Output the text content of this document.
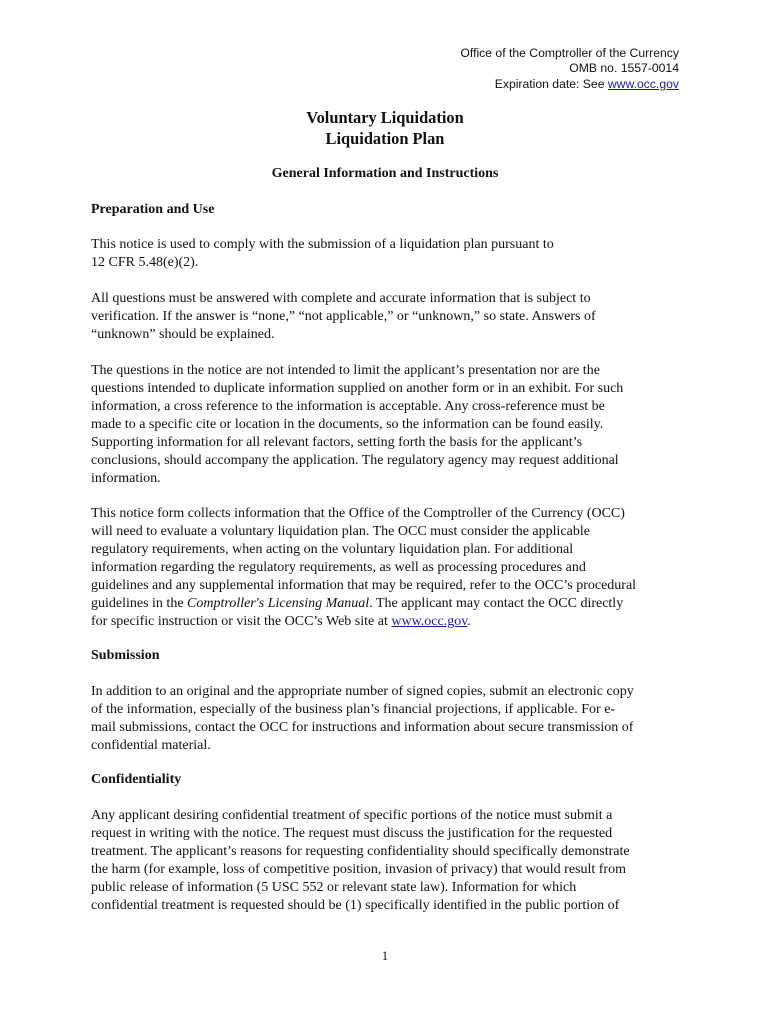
Office of the Comptroller of the Currency
OMB no. 1557-0014
Expiration date: See www.occ.gov
Voluntary Liquidation
Liquidation Plan
General Information and Instructions
Preparation and Use
This notice is used to comply with the submission of a liquidation plan pursuant to
12 CFR 5.48(e)(2).
All questions must be answered with complete and accurate information that is subject to
verification. If the answer is “none,” “not applicable,” or “unknown,” so state. Answers of
“unknown” should be explained.
The questions in the notice are not intended to limit the applicant’s presentation nor are the
questions intended to duplicate information supplied on another form or in an exhibit. For such
information, a cross reference to the information is acceptable. Any cross-reference must be
made to a specific cite or location in the documents, so the information can be found easily.
Supporting information for all relevant factors, setting forth the basis for the applicant’s
conclusions, should accompany the application. The regulatory agency may request additional
information.
This notice form collects information that the Office of the Comptroller of the Currency (OCC)
will need to evaluate a voluntary liquidation plan. The OCC must consider the applicable
regulatory requirements, when acting on the voluntary liquidation plan. For additional
information regarding the regulatory requirements, as well as processing procedures and
guidelines and any supplemental information that may be required, refer to the OCC’s procedural
guidelines in the Comptroller's Licensing Manual. The applicant may contact the OCC directly
for specific instruction or visit the OCC’s Web site at www.occ.gov.
Submission
In addition to an original and the appropriate number of signed copies, submit an electronic copy
of the information, especially of the business plan’s financial projections, if applicable. For e-
mail submissions, contact the OCC for instructions and information about secure transmission of
confidential material.
Confidentiality
Any applicant desiring confidential treatment of specific portions of the notice must submit a
request in writing with the notice. The request must discuss the justification for the requested
treatment. The applicant’s reasons for requesting confidentiality should specifically demonstrate
the harm (for example, loss of competitive position, invasion of privacy) that would result from
public release of information (5 USC 552 or relevant state law). Information for which
confidential treatment is requested should be (1) specifically identified in the public portion of
1
